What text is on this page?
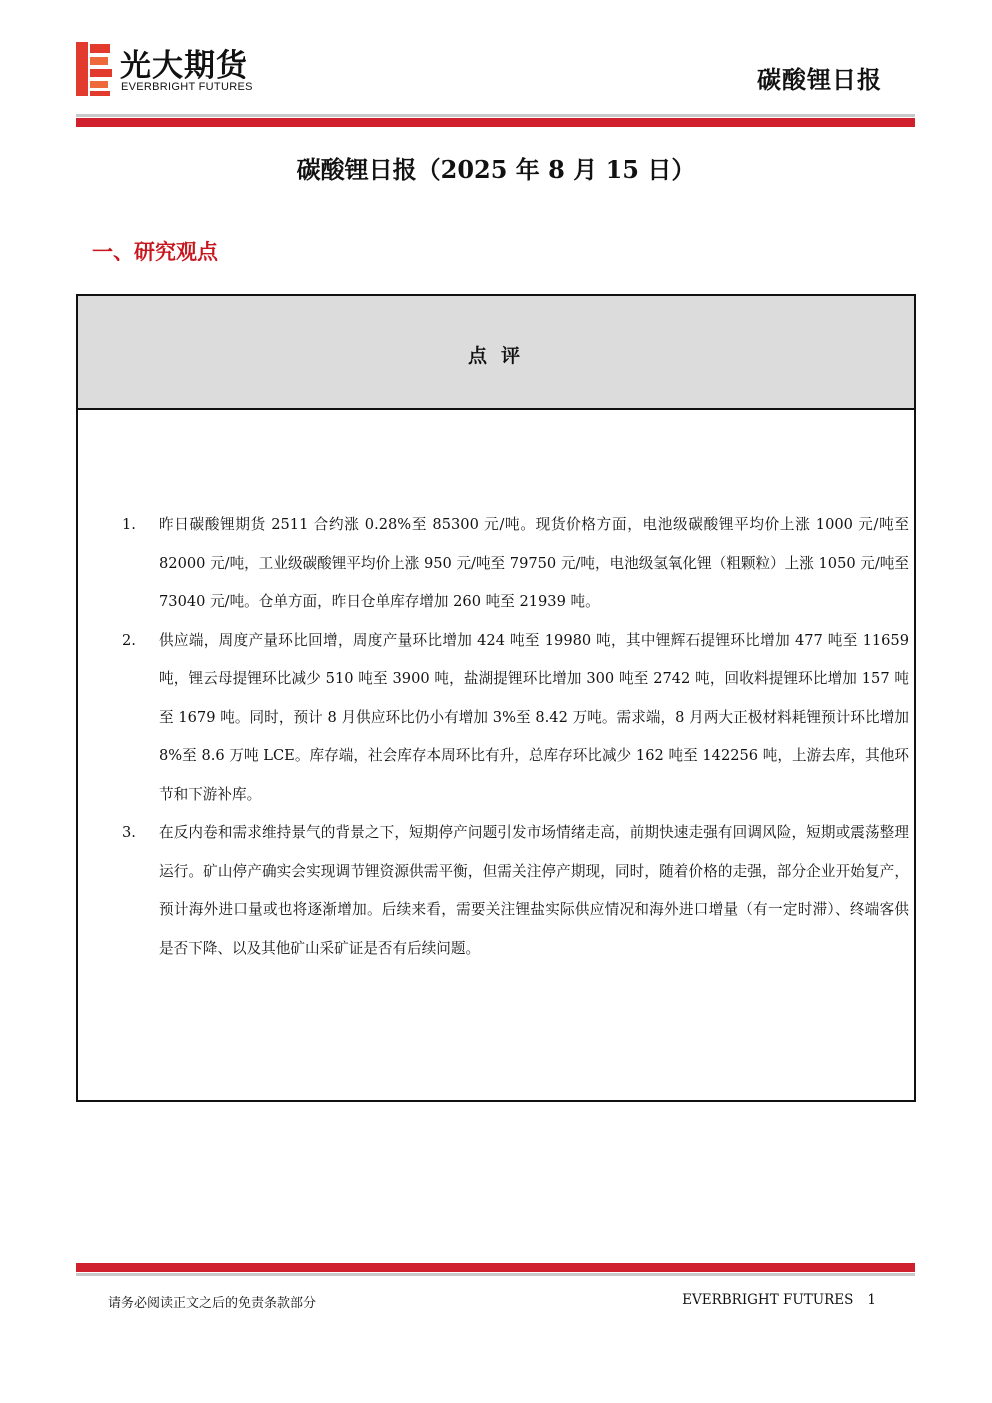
光大期货
EVERBRIGHT FUTURES	碳酸锂日报
碳酸锂日报（2025 年 8 月 15 日）
一、研究观点
点评
1. 昨日碳酸锂期货 2511 合约涨 0.28%至 85300 元/吨。现货价格方面，电池级碳酸锂平均价上涨 1000 元/吨至 82000 元/吨，工业级碳酸锂平均价上涨 950 元/吨至 79750 元/吨，电池级氢氧化锂（粗颗粒）上涨 1050 元/吨至 73040 元/吨。仓单方面，昨日仓单库存增加 260 吨至 21939 吨。
2. 供应端，周度产量环比回增，周度产量环比增加 424 吨至 19980 吨，其中锂辉石提锂环比增加 477 吨至 11659 吨，锂云母提锂环比减少 510 吨至 3900 吨，盐湖提锂环比增加 300 吨至 2742 吨，回收料提锂环比增加 157 吨至 1679 吨。同时，预计 8 月供应环比仍小有增加 3%至 8.42 万吨。需求端，8 月两大正极材料耗锂预计环比增加 8%至 8.6 万吨 LCE。库存端，社会库存本周环比有升，总库存环比减少 162 吨至 142256 吨，上游去库，其他环节和下游补库。
3. 在反内卷和需求维持景气的背景之下，短期停产问题引发市场情绪走高，前期快速走强有回调风险，短期或震荡整理运行。矿山停产确实会实现调节锂资源供需平衡，但需关注停产期现，同时，随着价格的走强，部分企业开始复产，预计海外进口量或也将逐渐增加。后续来看，需要关注锂盐实际供应情况和海外进口增量（有一定时滞）、终端客供是否下降、以及其他矿山采矿证是否有后续问题。
请务必阅读正文之后的免责条款部分	EVERBRIGHT FUTURES 1
